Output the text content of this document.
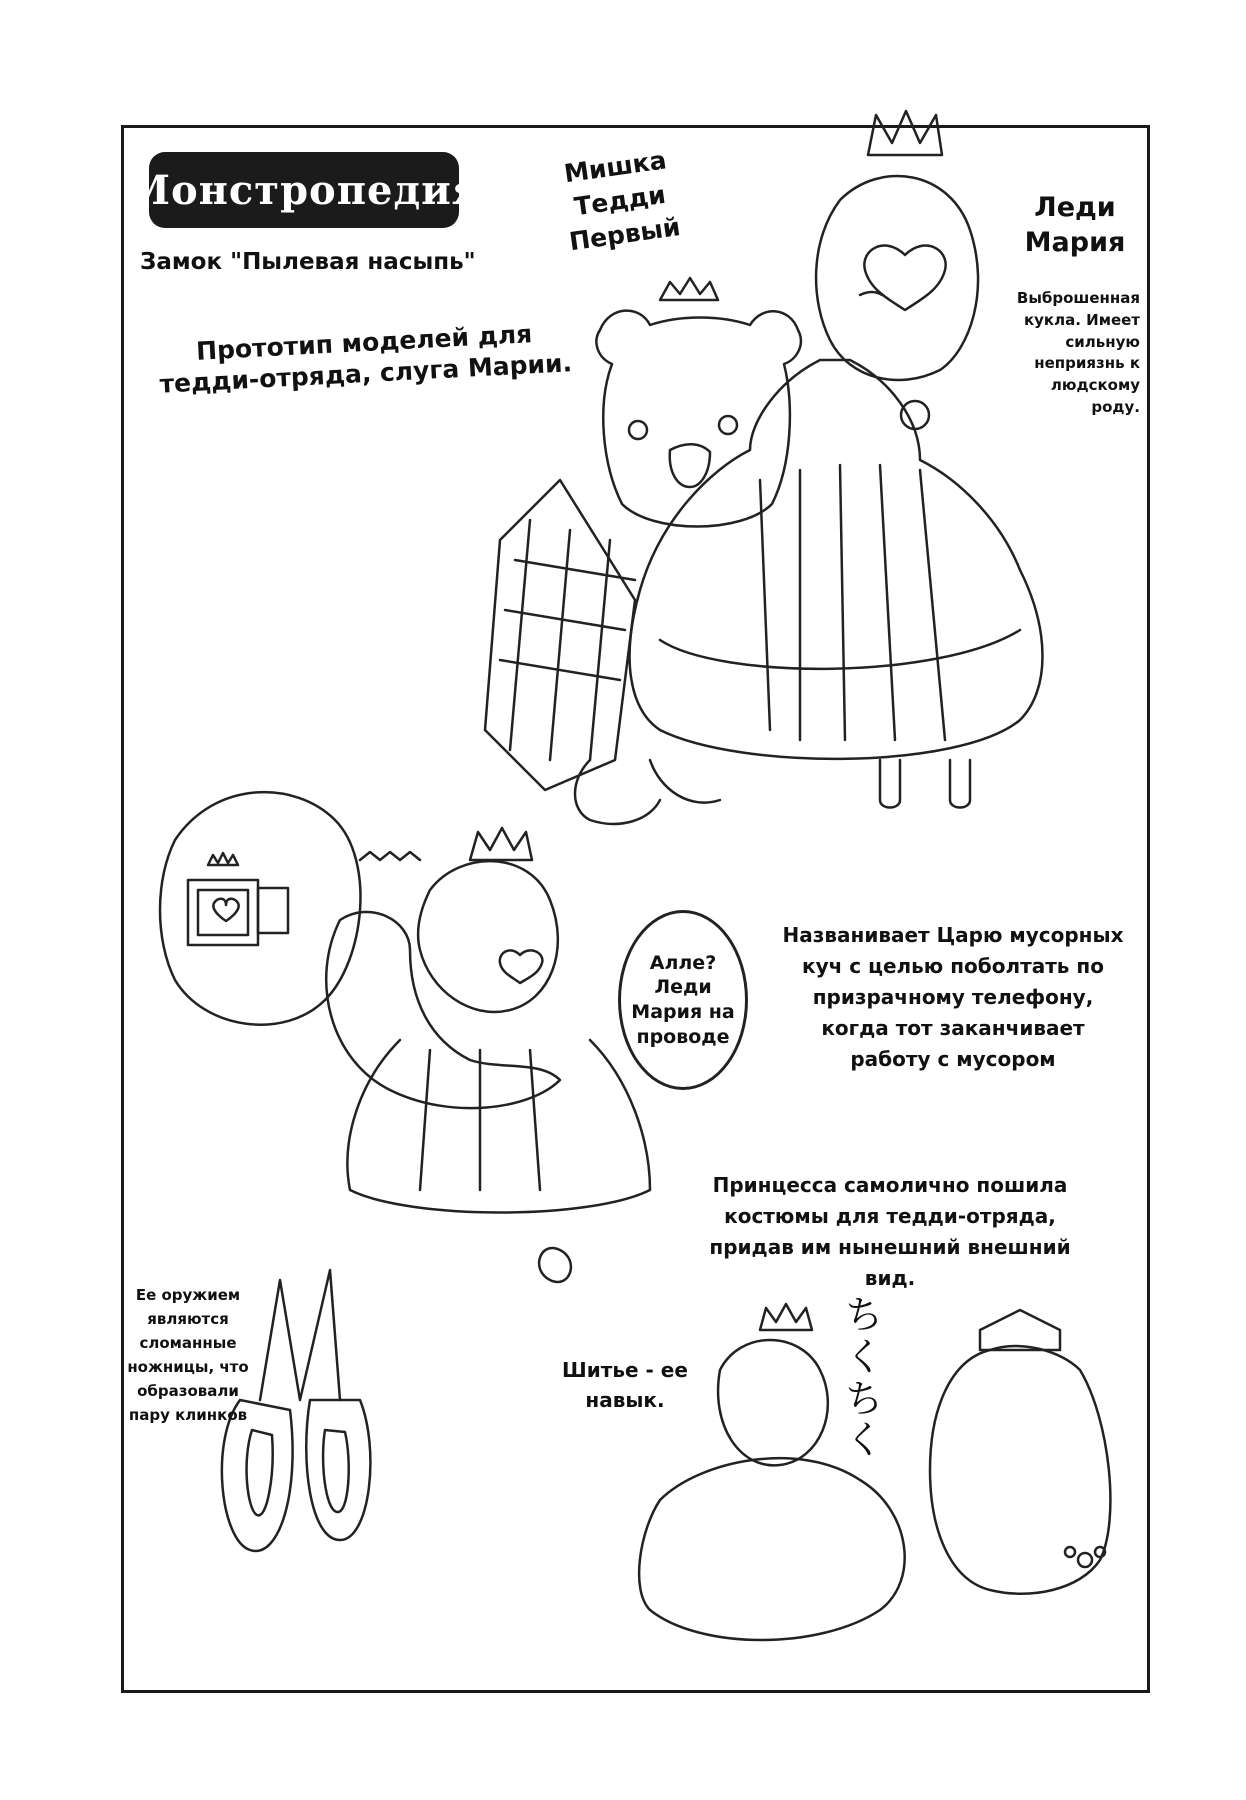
Монстропедия
Замок "Пылевая насыпь"
Мишка
Тедди
Первый
Прототип моделей для тедди-отряда, слуга Марии.
Леди
Мария
Выброшенная кукла. Имеет сильную неприязнь к людскому роду.
Алле? Леди Мария на проводе
Названивает Царю мусорных куч с целью поболтать по призрачному телефону, когда тот заканчивает работу с мусором
Принцесса самолично пошила костюмы для тедди-отряда, придав им нынешний внешний вид.
Ее оружием являются сломанные ножницы, что образовали пару клинков
Шитье - ее навык.
ちくちく
